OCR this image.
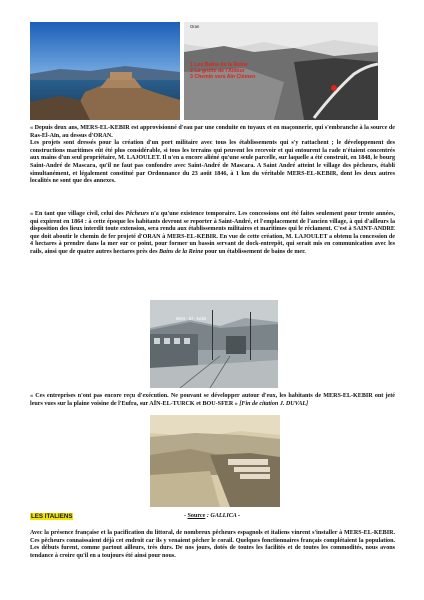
Oran
1 Les Bains de la Reine
2 La grotte de l'Aïdour
3 Chemin vers Aïn Clémen

« Depuis deux ans, MERS-EL-KEBIR est approvisionné d'eau par une conduite en tuyaux et en maçonnerie, qui s'embranche à la source de Ras-El-Aïn, au dessus d'ORAN.

Les projets sont dressés pour la création d'un port militaire avec tous les établissements qui s'y rattachent ; le développement des constructions maritimes eût été plus considérable, si tous les terrains qui peuvent les recevoir et qui entourent la rade n'étaient concentrés aux mains d'un seul propriétaire, M. LAJOULET. Il n'en a encore aliéné qu'une seule parcelle, sur laquelle a été construit, en 1848, le bourg Saint-André de Mascara, qu'il ne faut pas confondre avec Saint-André de Mascara. A Saint André atteint le village des pêcheurs, établi simultanément, et légalement constitué par Ordonnance du 23 août 1846, à 1 km du véritable MERS-EL-KEBIR, dont les deux autres localités ne sont que des annexes.

« En tant que village civil, celui des Pêcheurs n'a qu'une existence temporaire. Les concessions ont été faites seulement pour trente années, qui expirent en 1864 : à cette époque les habitants devront se reporter à Saint-André, et l'emplacement de l'ancien village, à qui d'ailleurs la disposition des lieux interdit toute extension, sera rendu aux établissements militaires et maritimes qui le réclament. C'est à SAINT-ANDRE que doit aboutir le chemin de fer projeté d'ORAN à MERS-EL-KEBIR. En vue de cette création, M. LAJOULET a obtenu la concession de 4 hectares à prendre dans la mer sur ce point, pour former un bassin servant de dock-entrepôt, qui serait mis en communication avec les rails, ainsi que de quatre autres hectares près des Bains de la Reine pour un établissement de bains de mer.

Mers - El - Kebir

« Ces entreprises n'ont pas encore reçu d'exécution. Ne pouvant se développer autour d'eux, les habitants de MERS-EL-KEBIR ont jeté leurs vues sur la plaine voisine de l'Eufra, sur AÏN-EL-TURCK et BOU-SFER » [Fin de citation J. DUVAL]

LES ITALIENS	- Source : GALLICA -

Avec la présence française et la pacification du littoral, de nombreux pêcheurs espagnols et italiens vinrent s'installer à MERS-EL-KEBIR. Ces pêcheurs connaissaient déjà cet endroit car ils y venaient pêcher le corail. Quelques fonctionnaires français complétaient la population. Les débuts furent, comme partout ailleurs, très durs. De nos jours, dotés de toutes les facilités et de toutes les commodités, nous avons tendance à croire qu'il en a toujours été ainsi pour nous.
